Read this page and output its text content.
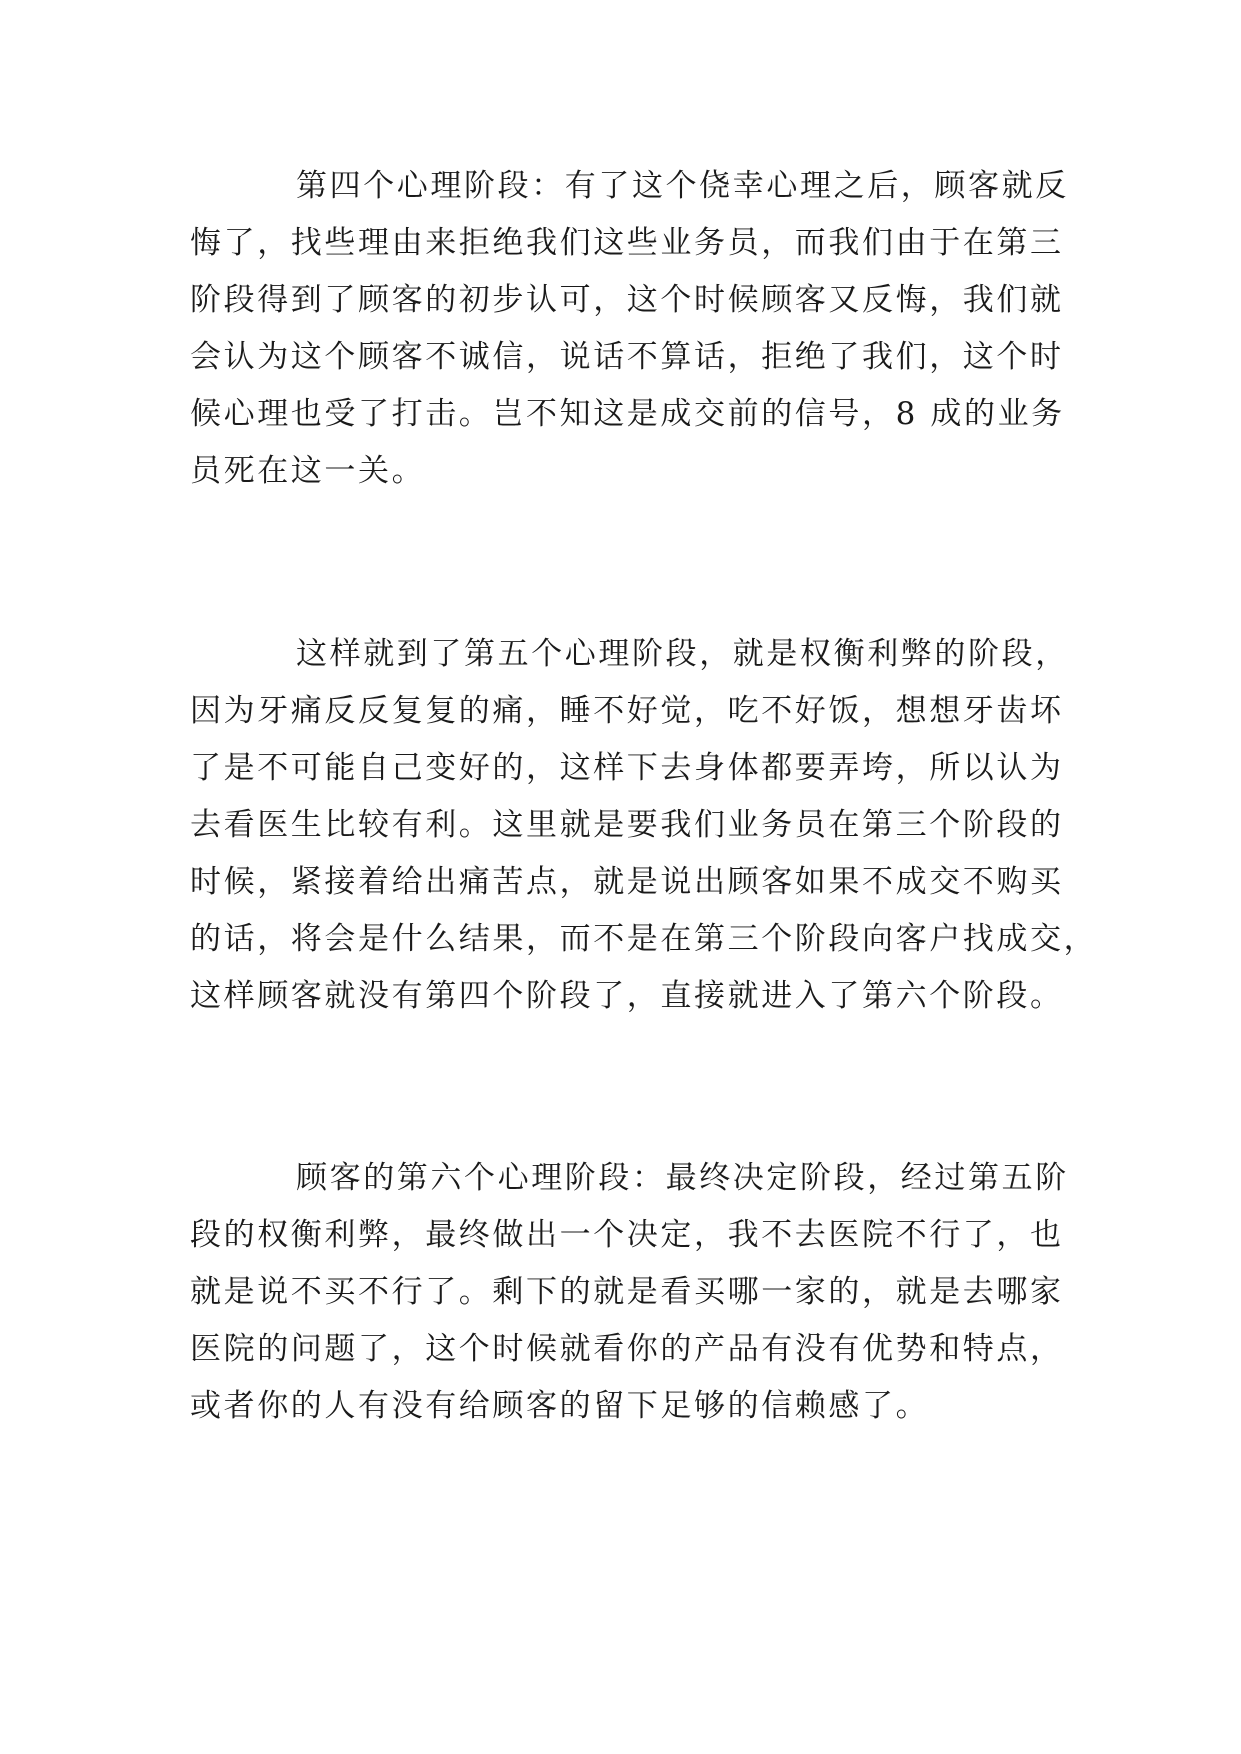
第四个心理阶段：有了这个侥幸心理之后，顾客就反
悔了，找些理由来拒绝我们这些业务员，而我们由于在第三
阶段得到了顾客的初步认可，这个时候顾客又反悔，我们就
会认为这个顾客不诚信，说话不算话，拒绝了我们，这个时
候心理也受了打击。岂不知这是成交前的信号，8 成的业务
员死在这一关。
这样就到了第五个心理阶段，就是权衡利弊的阶段，
因为牙痛反反复复的痛，睡不好觉，吃不好饭，想想牙齿坏
了是不可能自己变好的，这样下去身体都要弄垮，所以认为
去看医生比较有利。这里就是要我们业务员在第三个阶段的
时候，紧接着给出痛苦点，就是说出顾客如果不成交不购买
的话，将会是什么结果，而不是在第三个阶段向客户找成交，
这样顾客就没有第四个阶段了，直接就进入了第六个阶段。
顾客的第六个心理阶段：最终决定阶段，经过第五阶
段的权衡利弊，最终做出一个决定，我不去医院不行了，也
就是说不买不行了。剩下的就是看买哪一家的，就是去哪家
医院的问题了，这个时候就看你的产品有没有优势和特点，
或者你的人有没有给顾客的留下足够的信赖感了。
